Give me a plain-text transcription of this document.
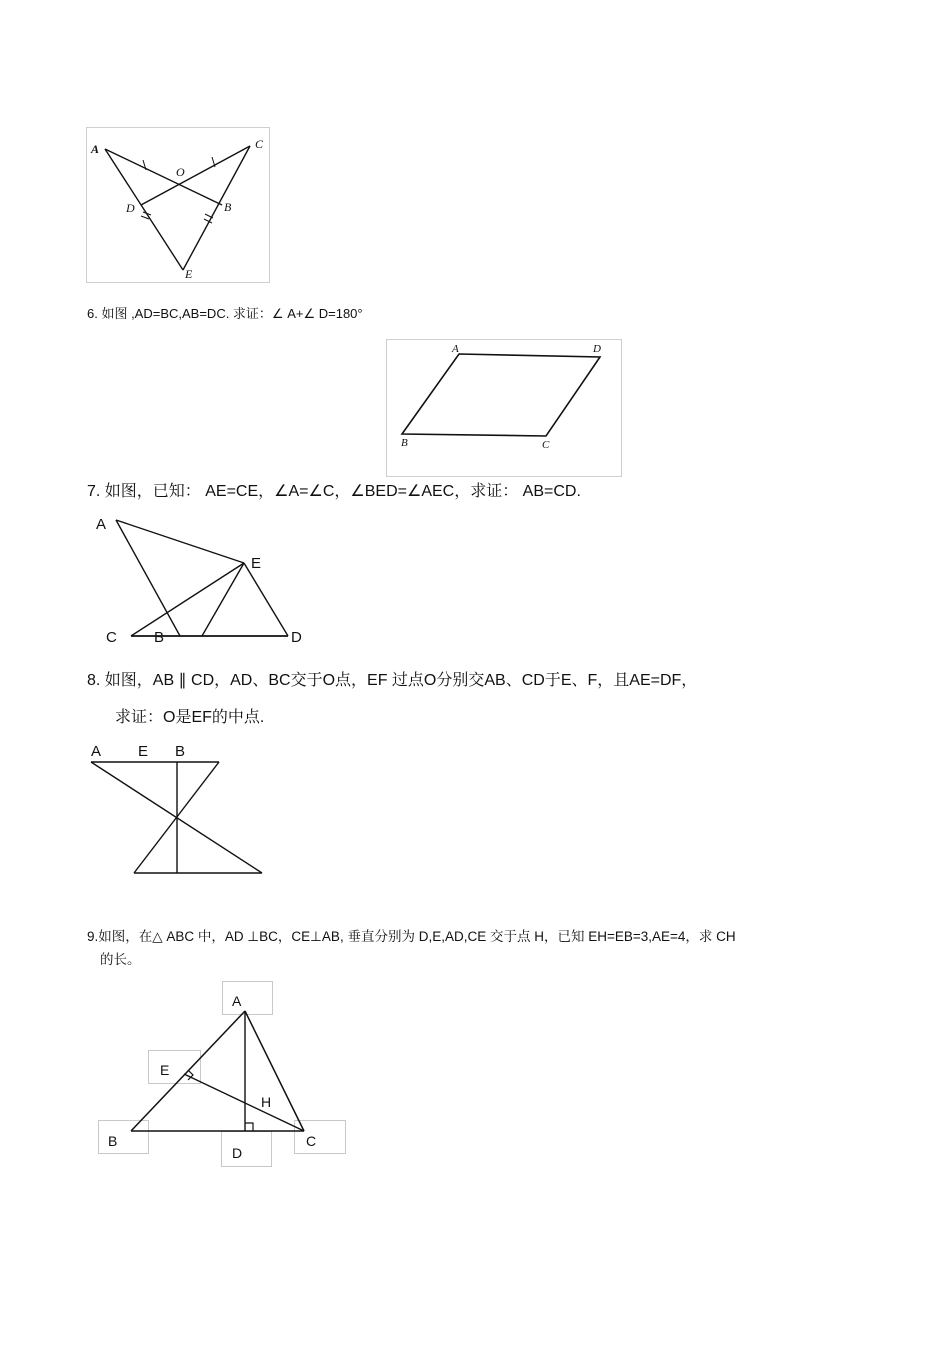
A	C
O
D	B
E
6. 如图 ,AD=BC,AB=DC. 求证：∠ A+∠ D=180°
A	D
B	C
7. 如图，已知： AE=CE，∠A=∠C，∠BED=∠AEC，求证： AB=CD.
A
E
C B	D
8. 如图，AB ∥ CD，AD、BC交于O点，EF 过点O分别交AB、CD于E、F，且AE=DF，
求证：O是EF的中点.
A E B
9.如图，在△ ABC 中，AD ⊥BC，CE⊥AB, 垂直分别为 D,E,AD,CE 交于点 H，已知 EH=EB=3,AE=4，求 CH
的长。
A
E
H
B	C
D
